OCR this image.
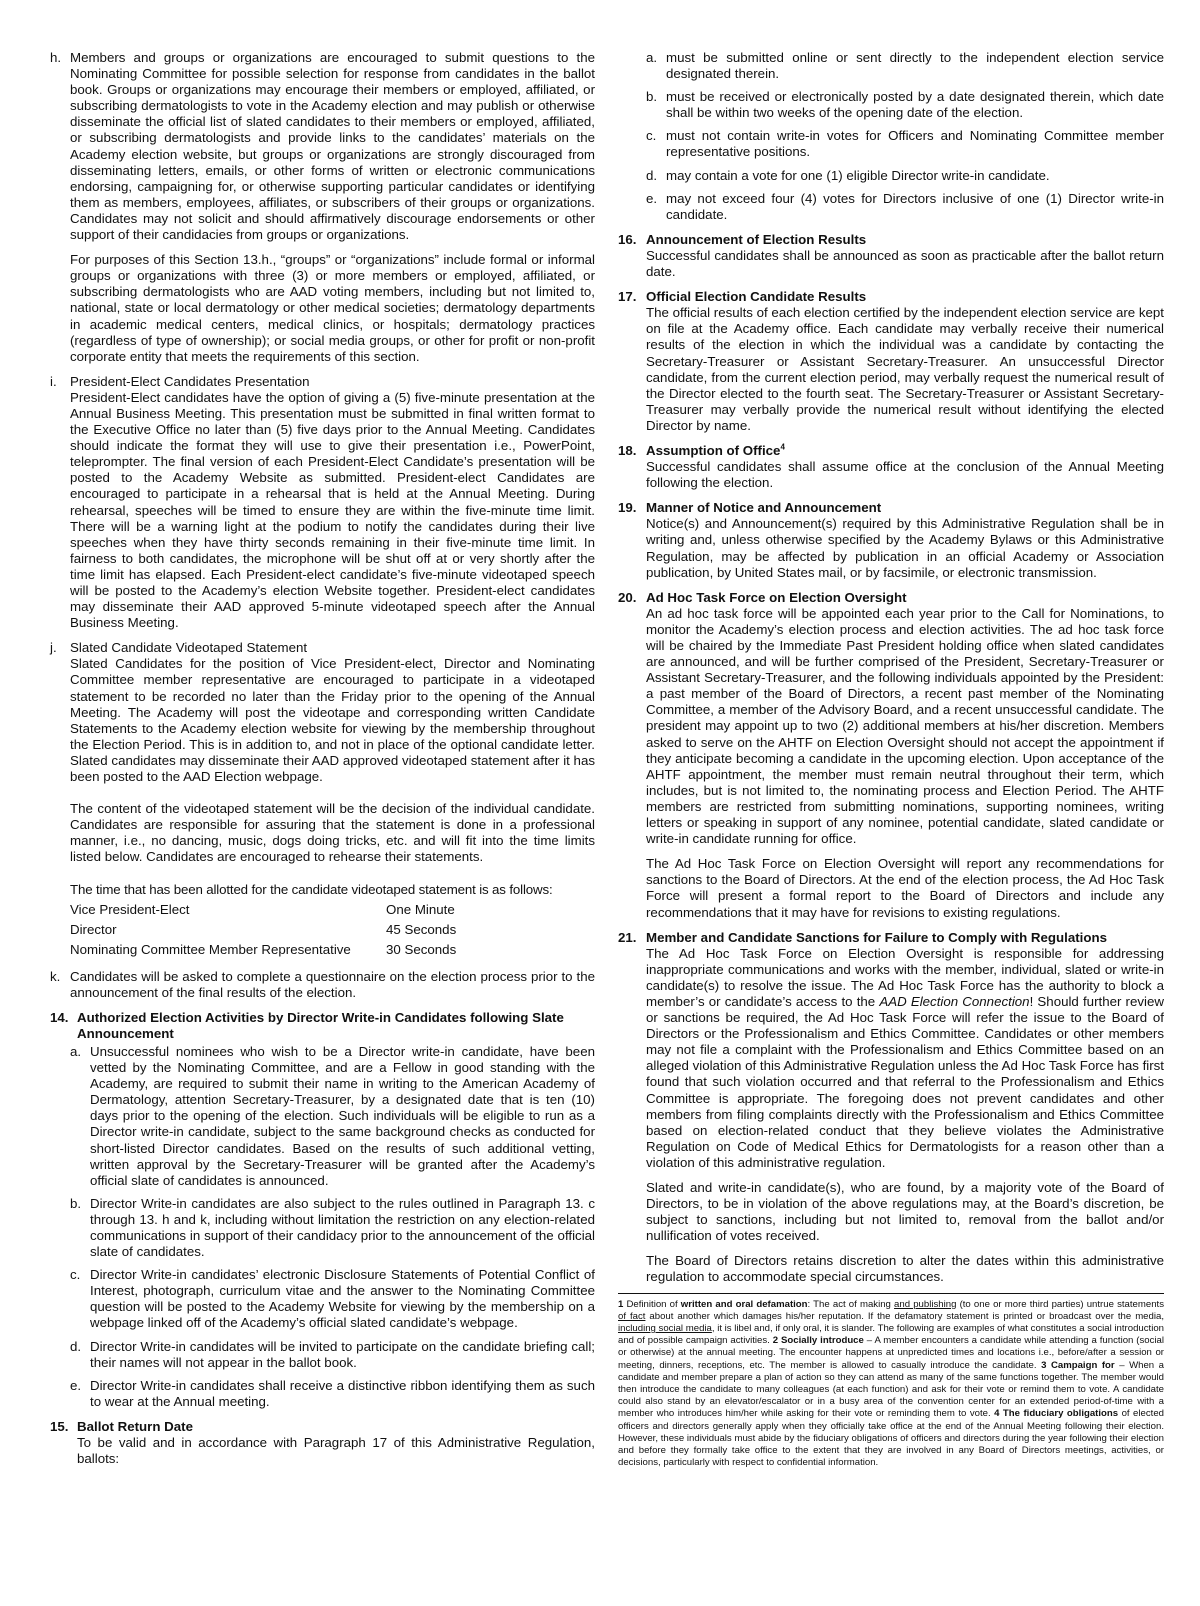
h. Members and groups or organizations are encouraged to submit questions to the Nominating Committee for possible selection for response from candidates in the ballot book. Groups or organizations may encourage their members or employed, affiliated, or subscribing dermatologists to vote in the Academy election and may publish or otherwise disseminate the official list of slated candidates to their members or employed, affiliated, or subscribing dermatologists and provide links to the candidates’ materials on the Academy election website, but groups or organizations are strongly discouraged from disseminating letters, emails, or other forms of written or electronic communications endorsing, campaigning for, or otherwise supporting particular candidates or identifying them as members, employees, affiliates, or subscribers of their groups or organizations. Candidates may not solicit and should affirmatively discourage endorsements or other support of their candidacies from groups or organizations.

For purposes of this Section 13.h., “groups” or “organizations” include formal or informal groups or organizations with three (3) or more members or employed, affiliated, or subscribing dermatologists who are AAD voting members, including but not limited to, national, state or local dermatology or other medical societies; dermatology departments in academic medical centers, medical clinics, or hospitals; dermatology practices (regardless of type of ownership); or social media groups, or other for profit or non-profit corporate entity that meets the requirements of this section.

i.	President-Elect Candidates Presentation

President-Elect candidates have the option of giving a (5) five-minute presentation at the Annual Business Meeting. This presentation must be submitted in final written format to the Executive Office no later than (5) five days prior to the Annual Meeting. Candidates should indicate the format they will use to give their presentation i.e., PowerPoint, teleprompter. The final version of each President-Elect Candidate’s presentation will be posted to the Academy Website as submitted. President-elect Candidates are encouraged to participate in a rehearsal that is held at the Annual Meeting. During rehearsal, speeches will be timed to ensure they are within the five-minute time limit. There will be a warning light at the podium to notify the candidates during their live speeches when they have thirty seconds remaining in their five-minute time limit. In fairness to both candidates, the microphone will be shut off at or very shortly after the time limit has elapsed. Each President-elect candidate’s five-minute videotaped speech will be posted to the Academy’s election Website together. President-elect candidates may disseminate their AAD approved 5-minute videotaped speech after the Annual Business Meeting.

j.	Slated Candidate Videotaped Statement

Slated Candidates for the position of Vice President-elect, Director and Nominating Committee member representative are encouraged to participate in a videotaped statement to be recorded no later than the Friday prior to the opening of the Annual Meeting. The Academy will post the videotape and corresponding written Candidate Statements to the Academy election website for viewing by the membership throughout the Election Period. This is in addition to, and not in place of the optional candidate letter. Slated candidates may disseminate their AAD approved videotaped statement after it has been posted to the AAD Election webpage.

The content of the videotaped statement will be the decision of the individual candidate. Candidates are responsible for assuring that the statement is done in a professional manner, i.e., no dancing, music, dogs doing tricks, etc. and will fit into the time limits listed below. Candidates are encouraged to rehearse their statements.

The time that has been allotted for the candidate videotaped statement is as follows:

Vice President-Elect	One Minute
Director	45 Seconds
Nominating Committee Member Representative	30 Seconds
k. Candidates will be asked to complete a questionnaire on the election process prior to the announcement of the final results of the election.

14. Authorized Election Activities by Director Write-in Candidates following Slate Announcement

a. Unsuccessful nominees who wish to be a Director write-in candidate, have been vetted by the Nominating Committee, and are a Fellow in good standing with the Academy, are required to submit their name in writing to the American Academy of Dermatology, attention Secretary-Treasurer, by a designated date that is ten (10) days prior to the opening of the election. Such individuals will be eligible to run as a Director write-in candidate, subject to the same background checks as conducted for short-listed Director candidates. Based on the results of such additional vetting, written approval by the Secretary-Treasurer will be granted after the Academy’s official slate of candidates is announced.

b. Director Write-in candidates are also subject to the rules outlined in Paragraph 13. c through 13. h and k, including without limitation the restriction on any election-related communications in support of their candidacy prior to the announcement of the official slate of candidates.

c. Director Write-in candidates’ electronic Disclosure Statements of Potential Conflict of Interest, photograph, curriculum vitae and the answer to the Nominating Committee question will be posted to the Academy Website for viewing by the membership on a webpage linked off of the Academy’s official slated candidate’s webpage.

d. Director Write-in candidates will be invited to participate on the candidate briefing call; their names will not appear in the ballot book.

e. Director Write-in candidates shall receive a distinctive ribbon identifying them as such to wear at the Annual meeting.

15. Ballot Return Date

To be valid and in accordance with Paragraph 17 of this Administrative Regulation, ballots:

a. must be submitted online or sent directly to the independent election service designated therein.

b. must be received or electronically posted by a date designated therein, which date shall be within two weeks of the opening date of the election.

c. must not contain write-in votes for Officers and Nominating Committee member representative positions.

d. may contain a vote for one (1) eligible Director write-in candidate.

e. may not exceed four (4) votes for Directors inclusive of one (1) Director write-in candidate.

16. Announcement of Election Results

Successful candidates shall be announced as soon as practicable after the ballot return date.

17. Official Election Candidate Results

The official results of each election certified by the independent election service are kept on file at the Academy office. Each candidate may verbally receive their numerical results of the election in which the individual was a candidate by contacting the Secretary-Treasurer or Assistant Secretary-Treasurer. An unsuccessful Director candidate, from the current election period, may verbally request the numerical result of the Director elected to the fourth seat. The Secretary-Treasurer or Assistant Secretary-Treasurer may verbally provide the numerical result without identifying the elected Director by name.

18. Assumption of Office$^4$

Successful candidates shall assume office at the conclusion of the Annual Meeting following the election.

19. Manner of Notice and Announcement

Notice(s) and Announcement(s) required by this Administrative Regulation shall be in writing and, unless otherwise specified by the Academy Bylaws or this Administrative Regulation, may be affected by publication in an official Academy or Association publication, by United States mail, or by facsimile, or electronic transmission.

20. Ad Hoc Task Force on Election Oversight

An ad hoc task force will be appointed each year prior to the Call for Nominations, to monitor the Academy’s election process and election activities. The ad hoc task force will be chaired by the Immediate Past President holding office when slated candidates are announced, and will be further comprised of the President, Secretary-Treasurer or Assistant Secretary-Treasurer, and the following individuals appointed by the President: a past member of the Board of Directors, a recent past member of the Nominating Committee, a member of the Advisory Board, and a recent unsuccessful candidate. The president may appoint up to two (2) additional members at his/her discretion. Members asked to serve on the AHTF on Election Oversight should not accept the appointment if they anticipate becoming a candidate in the upcoming election. Upon acceptance of the AHTF appointment, the member must remain neutral throughout their term, which includes, but is not limited to, the nominating process and Election Period. The AHTF members are restricted from submitting nominations, supporting nominees, writing letters or speaking in support of any nominee, potential candidate, slated candidate or write-in candidate running for office.

The Ad Hoc Task Force on Election Oversight will report any recommendations for sanctions to the Board of Directors. At the end of the election process, the Ad Hoc Task Force will present a formal report to the Board of Directors and include any recommendations that it may have for revisions to existing regulations.

21. Member and Candidate Sanctions for Failure to Comply with Regulations

The Ad Hoc Task Force on Election Oversight is responsible for addressing inappropriate communications and works with the member, individual, slated or write-in candidate(s) to resolve the issue. The Ad Hoc Task Force has the authority to block a member’s or candidate’s access to the AAD Election Connection! Should further review or sanctions be required, the Ad Hoc Task Force will refer the issue to the Board of Directors or the Professionalism and Ethics Committee. Candidates or other members may not file a complaint with the Professionalism and Ethics Committee based on an alleged violation of this Administrative Regulation unless the Ad Hoc Task Force has first found that such violation occurred and that referral to the Professionalism and Ethics Committee is appropriate. The foregoing does not prevent candidates and other members from filing complaints directly with the Professionalism and Ethics Committee based on election-related conduct that they believe violates the Administrative Regulation on Code of Medical Ethics for Dermatologists for a reason other than a violation of this administrative regulation.

Slated and write-in candidate(s), who are found, by a majority vote of the Board of Directors, to be in violation of the above regulations may, at the Board’s discretion, be subject to sanctions, including but not limited to, removal from the ballot and/or nullification of votes received.

The Board of Directors retains discretion to alter the dates within this administrative regulation to accommodate special circumstances.

1 Definition of written and oral defamation: The act of making and publishing (to one or more third parties) untrue statements of fact about another which damages his/her reputation. If the defamatory statement is printed or broadcast over the media, including social media, it is libel and, if only oral, it is slander. The following are examples of what constitutes a social introduction and of possible campaign activities. 2 Socially introduce – A member encounters a candidate while attending a function (social or otherwise) at the annual meeting. The encounter happens at unpredicted times and locations i.e., before/after a session or meeting, dinners, receptions, etc. The member is allowed to casually introduce the candidate. 3 Campaign for – When a candidate and member prepare a plan of action so they can attend as many of the same functions together. The member would then introduce the candidate to many colleagues (at each function) and ask for their vote or remind them to vote. A candidate could also stand by an elevator/escalator or in a busy area of the convention center for an extended period-of-time with a member who introduces him/her while asking for their vote or reminding them to vote. 4 The fiduciary obligations of elected officers and directors generally apply when they officially take office at the end of the Annual Meeting following their election. However, these individuals must abide by the fiduciary obligations of officers and directors during the year following their election and before they formally take office to the extent that they are involved in any Board of Directors meetings, activities, or decisions, particularly with respect to confidential information.
